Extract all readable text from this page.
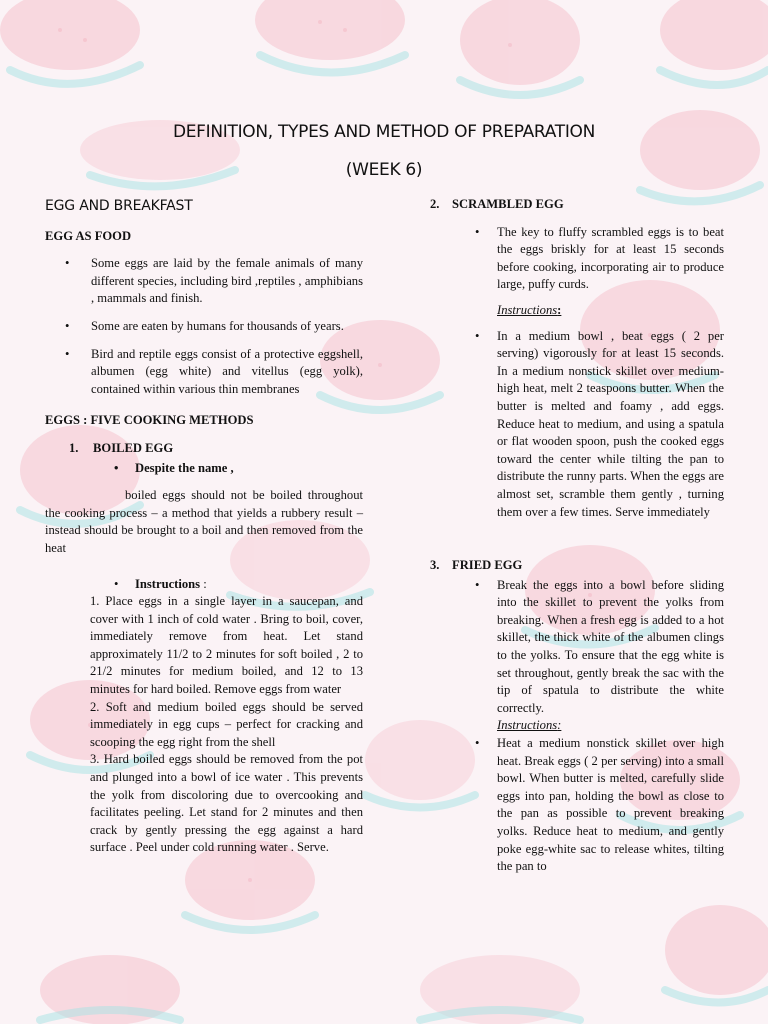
DEFINITION, TYPES AND METHOD OF PREPARATION
(WEEK 6)
EGG AND BREAKFAST
EGG AS FOOD
• Some eggs are laid by the female animals of many different species, including bird ,reptiles , amphibians , mammals and finish.
• Some are eaten by humans for thousands of years.
• Bird and reptile eggs consist of a protective eggshell, albumen (egg white) and vitellus (egg yolk), contained within various thin membranes
EGGS : FIVE COOKING METHODS
1. BOILED EGG
• Despite the name ,

boiled eggs should not be boiled throughout the cooking process – a method that yields a rubbery result – instead should be brought to a boil and then removed from the heat

• Instructions :

1. Place eggs in a single layer in a saucepan, and cover with 1 inch of cold water . Bring to boil, cover, immediately remove from heat. Let stand approximately 11/2 to 2 minutes for soft boiled , 2 to 21/2 minutes for medium boiled, and 12 to 13 minutes for hard boiled. Remove eggs from water

2. Soft and medium boiled eggs should be served immediately in egg cups – perfect for cracking and scooping the egg right from the shell

3. Hard boiled eggs should be removed from the pot and plunged into a bowl of ice water . This prevents the yolk from discoloring due to overcooking and facilitates peeling. Let stand for 2 minutes and then crack by gently pressing the egg against a hard surface . Peel under cold running water . Serve.

2. SCRAMBLED EGG
• The key to fluffy scrambled eggs is to beat the eggs briskly for at least 15 seconds before cooking, incorporating air to produce large, puffy curds.
Instructions:
• In a medium bowl , beat eggs ( 2 per serving) vigorously for at least 15 seconds. In a medium nonstick skillet over medium-high heat, melt 2 teaspoons butter. When the butter is melted and foamy , add eggs. Reduce heat to medium, and using a spatula or flat wooden spoon, push the cooked eggs toward the center while tilting the pan to distribute the runny parts. When the eggs are almost set, scramble them gently , turning them over a few times. Serve immediately
3. FRIED EGG
• Break the eggs into a bowl before sliding into the skillet to prevent the yolks from breaking. When a fresh egg is added to a hot skillet, the thick white of the albumen clings to the yolks. To ensure that the egg white is set throughout, gently break the sac with the tip of spatula to distribute the white correctly.
Instructions:
• Heat a medium nonstick skillet over high heat. Break eggs ( 2 per serving) into a small bowl. When butter is melted, carefully slide eggs into pan, holding the bowl as close to the pan as possible to prevent breaking yolks. Reduce heat to medium, and gently poke egg-white sac to release whites, tilting the pan to
